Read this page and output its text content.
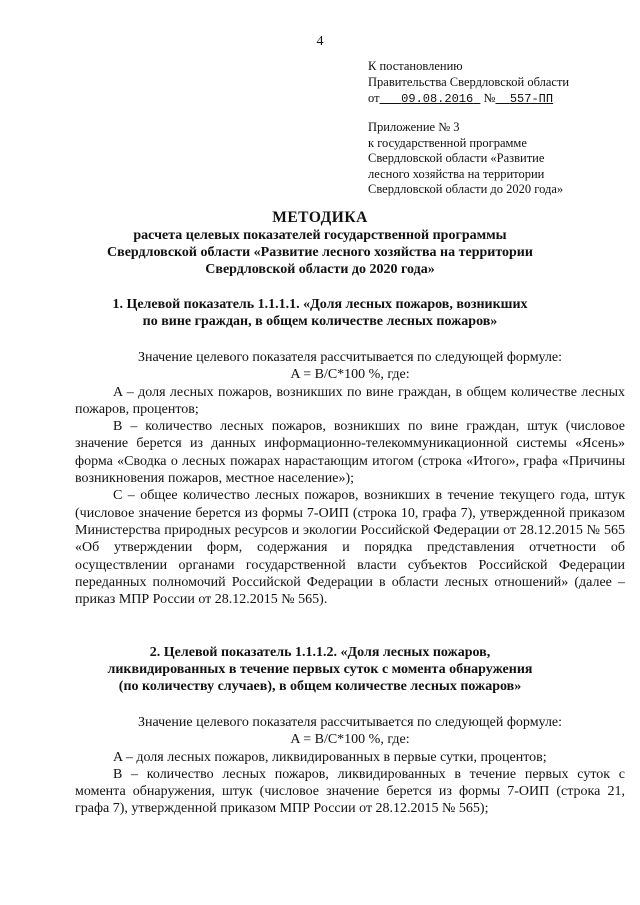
4
К постановлению
Правительства Свердловской области
от 09.08.2016 № 557-ПП
Приложение № 3
к государственной программе
Свердловской области «Развитие
лесного хозяйства на территории
Свердловской области до 2020 года»
МЕТОДИКА
расчета целевых показателей государственной программы
Свердловской области «Развитие лесного хозяйства на территории
Свердловской области до 2020 года»
1. Целевой показатель 1.1.1.1. «Доля лесных пожаров, возникших
по вине граждан, в общем количестве лесных пожаров»

Значение целевого показателя рассчитывается по следующей формуле:

A = B/C*100 %, где:

A – доля лесных пожаров, возникших по вине граждан, в общем количестве лесных пожаров, процентов;

B – количество лесных пожаров, возникших по вине граждан, штук (числовое значение берется из данных информационно-телекоммуникационной системы «Ясень» форма «Сводка о лесных пожарах нарастающим итогом (строка «Итого», графа «Причины возникновения пожаров, местное население»);

C – общее количество лесных пожаров, возникших в течение текущего года, штук (числовое значение берется из формы 7-ОИП (строка 10, графа 7), утвержденной приказом Министерства природных ресурсов и экологии Российской Федерации от 28.12.2015 № 565 «Об утверждении форм, содержания и порядка представления отчетности об осуществлении органами государственной власти субъектов Российской Федерации переданных полномочий Российской Федерации в области лесных отношений» (далее – приказ МПР России от 28.12.2015 № 565).

2. Целевой показатель 1.1.1.2. «Доля лесных пожаров,
ликвидированных в течение первых суток с момента обнаружения
(по количеству случаев), в общем количестве лесных пожаров»

Значение целевого показателя рассчитывается по следующей формуле:

A = B/C*100 %, где:

A – доля лесных пожаров, ликвидированных в первые сутки, процентов;

B – количество лесных пожаров, ликвидированных в течение первых суток с момента обнаружения, штук (числовое значение берется из формы 7-ОИП (строка 21, графа 7), утвержденной приказом МПР России от 28.12.2015 № 565);
